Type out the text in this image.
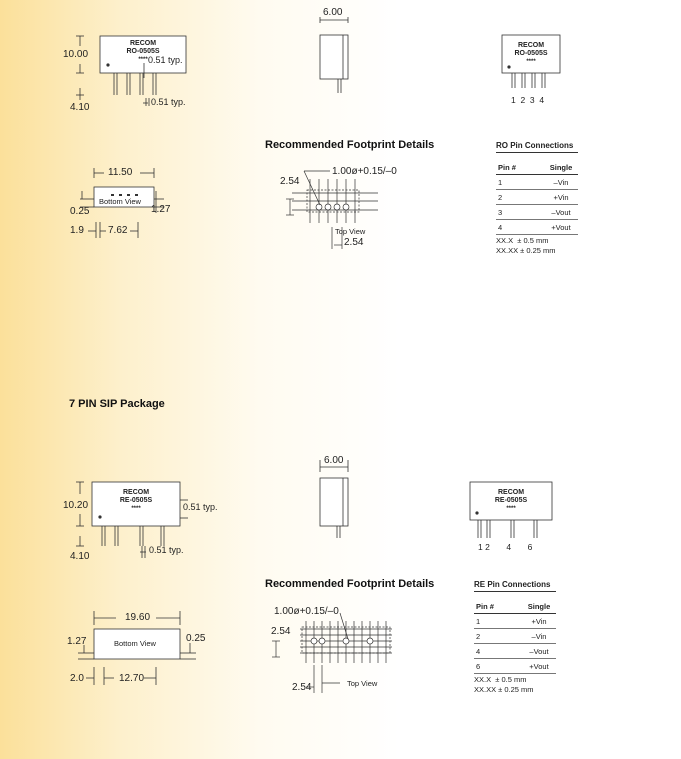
RECOM
RO-0505S
****
10.00	0.51 typ.
4.10	0.51 typ.
6.00
RECOM
RO-0505S
****
1  2  3  4
Recommended Footprint Details
11.50
Bottom View
0.25	1.27
1.9 7.62
2.54
1.00ø+0.15/–0
Top View
2.54
RO Pin Connections
Pin #	Single
1	–Vin
2	+Vin
3	–Vout
4	+Vout
XX.X  ± 0.5 mm
XX.XX ± 0.25 mm
7 PIN SIP Package
RECOM
RE-0505S
****
10.20	0.51 typ.
4.10
0.51 typ.
6.00
RECOM
RE-0505S
****
1 2       4       6
Recommended Footprint Details
19.60
Bottom View	0.25
1.27
2.0	12.70
1.00ø+0.15/–0
2.54
2.54	Top View
RE Pin Connections
Pin #	Single
1	+Vin
2	–Vin
4	–Vout
6	+Vout
XX.X  ± 0.5 mm
XX.XX ± 0.25 mm
